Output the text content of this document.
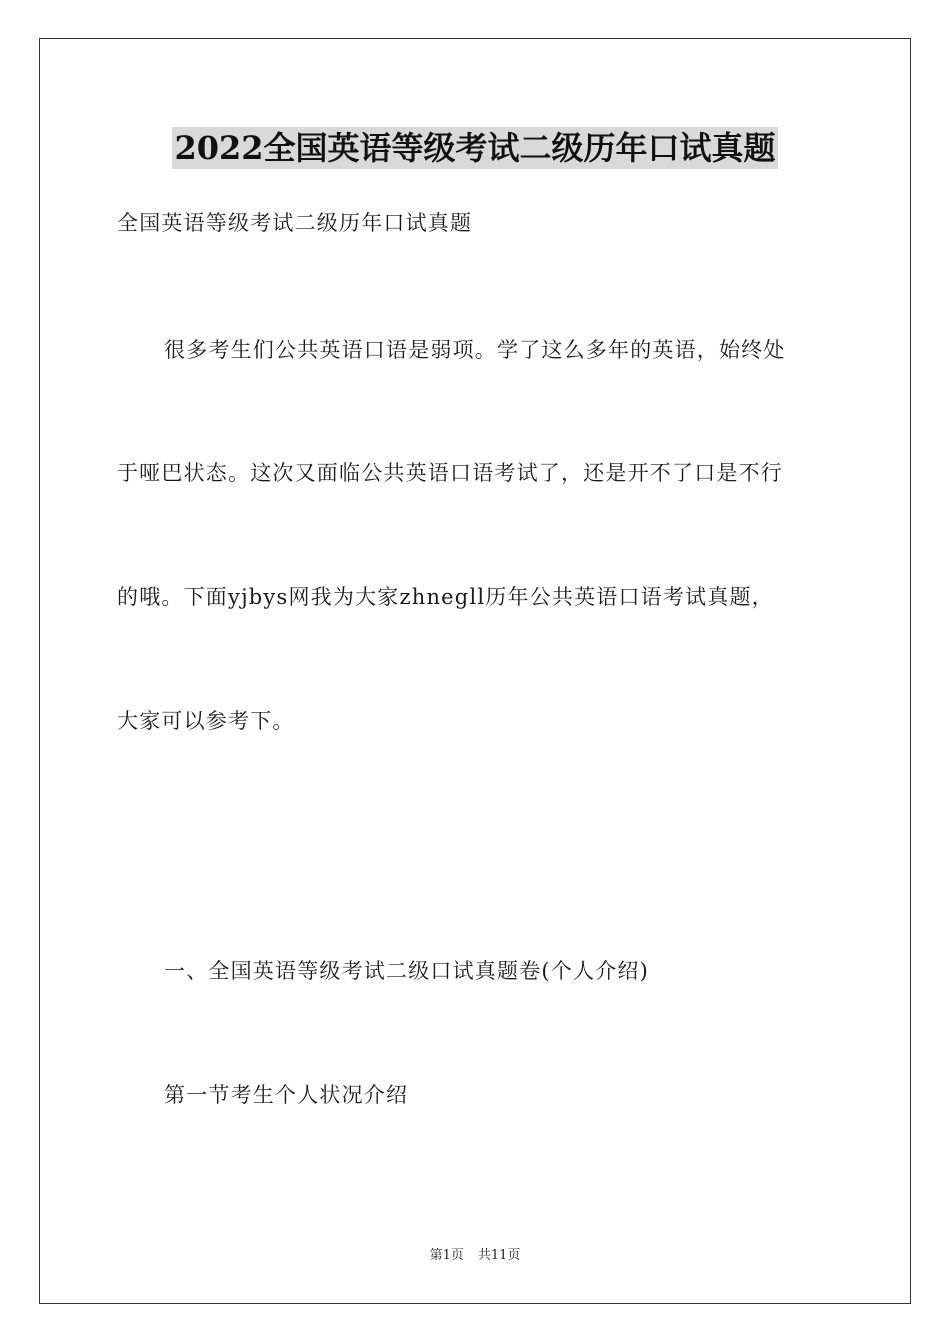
2022全国英语等级考试二级历年口试真题
全国英语等级考试二级历年口试真题
很多考生们公共英语口语是弱项。学了这么多年的英语，始终处
于哑巴状态。这次又面临公共英语口语考试了，还是开不了口是不行
的哦。下面yjbys网我为大家zhnegll历年公共英语口语考试真题，
大家可以参考下。
一、全国英语等级考试二级口试真题卷(个人介绍)
第一节考生个人状况介绍
第1页 共11页
